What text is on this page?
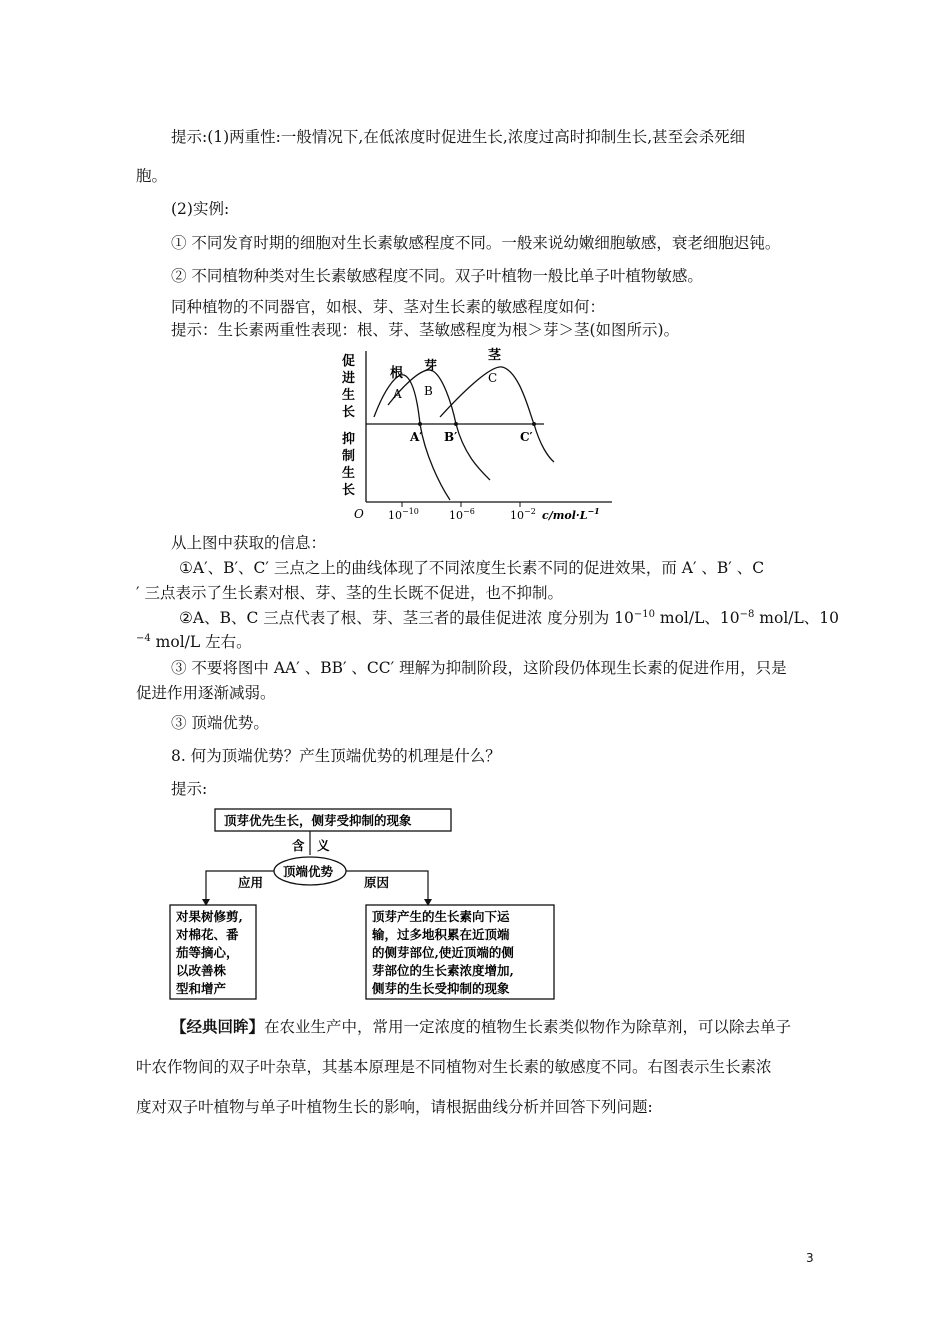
提示:(1)两重性:一般情况下,在低浓度时促进生长,浓度过高时抑制生长,甚至会杀死细
胞。
(2)实例:
① 不同发育时期的细胞对生长素敏感程度不同。一般来说幼嫩细胞敏感，衰老细胞迟钝。
② 不同植物种类对生长素敏感程度不同。双子叶植物一般比单子叶植物敏感。
同种植物的不同器官，如根、芽、茎对生长素的敏感程度如何：
提示：生长素两重性表现：根、芽、茎敏感程度为根＞芽＞茎(如图所示)。
促
进
生
长
抑
制
生
长
根 芽
茎
A B
C
A′ B′	C′
O $10^{-10}$	$10^{-6}$	$10^{-2}$ $c/mol\cdot L^{-1}$
从上图中获取的信息：
①A′、B′、C′ 三点之上的曲线体现了不同浓度生长素不同的促进效果，而 A′ 、B′ 、C
′ 三点表示了生长素对根、芽、茎的生长既不促进，也不抑制。
②A、B、C 三点代表了根、芽、茎三者的最佳促进浓 度分别为 $10^{-10}$ mol/L、$10^{-8}$ mol/L、10
$^{-4}$ mol/L 左右。
③ 不要将图中 AA′ 、BB′ 、CC′ 理解为抑制阶段，这阶段仍体现生长素的促进作用，只是
促进作用逐渐减弱。
③ 顶端优势。
8. 何为顶端优势？产生顶端优势的机理是什么？
提示:
顶芽优先生长，侧芽受抑制的现象
含　义
顶端优势
应用	原因
对果树修剪,
对棉花、番
茄等摘心，
以改善株
型和增产
顶芽产生的生长素向下运
输，过多地积累在近顶端
的侧芽部位,使近顶端的侧
芽部位的生长素浓度增加,
侧芽的生长受抑制的现象
【经典回眸】在农业生产中，常用一定浓度的植物生长素类似物作为除草剂，可以除去单子
叶农作物间的双子叶杂草，其基本原理是不同植物对生长素的敏感度不同。右图表示生长素浓
度对双子叶植物与单子叶植物生长的影响，请根据曲线分析并回答下列问题:
3
